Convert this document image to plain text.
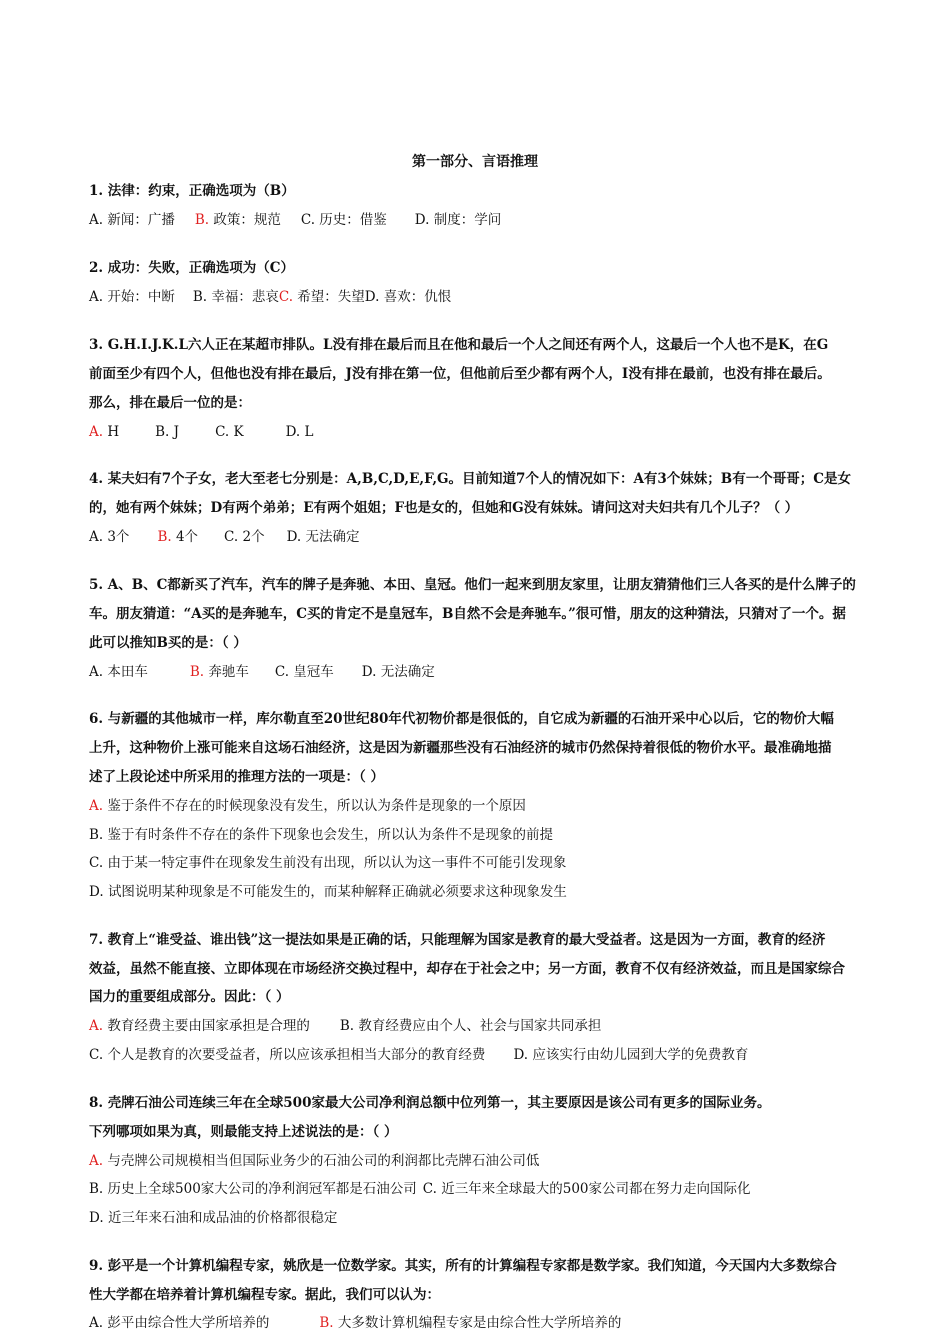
第一部分、言语推理
1. 法律：约束，正确选项为（B）
A. 新闻：广播 B. 政策：规范 C. 历史：借鉴 D. 制度：学问
2. 成功：失败，正确选项为（C）
A. 开始：中断 B. 幸福：悲哀C. 希望：失望D. 喜欢：仇恨
3. G.H.I.J.K.L六人正在某超市排队。L没有排在最后而且在他和最后一个人之间还有两个人，这最后一个人也不是K，在G
前面至少有四个人，但他也没有排在最后，J没有排在第一位，但他前后至少都有两个人，I没有排在最前，也没有排在最后。
那么，排在最后一位的是：
A. H	B. J	C. K	D. L
4. 某夫妇有7个子女，老大至老七分别是：A,B,C,D,E,F,G。目前知道7个人的情况如下：A有3个妹妹；B有一个哥哥；C是女
的，她有两个妹妹；D有两个弟弟；E有两个姐姐；F也是女的，但她和G没有妹妹。请问这对夫妇共有几个儿子？（ ）
A. 3个 B. 4个 C. 2个 D. 无法确定
5. A、B、C都新买了汽车，汽车的牌子是奔驰、本田、皇冠。他们一起来到朋友家里，让朋友猜猜他们三人各买的是什么牌子的
车。朋友猜道：“A买的是奔驰车，C买的肯定不是皇冠车，B自然不会是奔驰车。”很可惜，朋友的这种猜法，只猜对了一个。据
此可以推知B买的是：（ ）
A. 本田车	B. 奔驰车 C. 皇冠车 D. 无法确定
6. 与新疆的其他城市一样，库尔勒直至20世纪80年代初物价都是很低的，自它成为新疆的石油开采中心以后，它的物价大幅
上升，这种物价上涨可能来自这场石油经济，这是因为新疆那些没有石油经济的城市仍然保持着很低的物价水平。最准确地描
述了上段论述中所采用的推理方法的一项是：（ ）
A. 鉴于条件不存在的时候现象没有发生，所以认为条件是现象的一个原因
B. 鉴于有时条件不存在的条件下现象也会发生，所以认为条件不是现象的前提
C. 由于某一特定事件在现象发生前没有出现，所以认为这一事件不可能引发现象
D. 试图说明某种现象是不可能发生的，而某种解释正确就必须要求这种现象发生
7. 教育上“谁受益、谁出钱”这一提法如果是正确的话，只能理解为国家是教育的最大受益者。这是因为一方面，教育的经济
效益，虽然不能直接、立即体现在市场经济交换过程中，却存在于社会之中；另一方面，教育不仅有经济效益，而且是国家综合
国力的重要组成部分。因此：（ ）
A. 教育经费主要由国家承担是合理的 B. 教育经费应由个人、社会与国家共同承担
C. 个人是教育的次要受益者，所以应该承担相当大部分的教育经费 D. 应该实行由幼儿园到大学的免费教育
8. 壳牌石油公司连续三年在全球500家最大公司净利润总额中位列第一，其主要原因是该公司有更多的国际业务。
下列哪项如果为真，则最能支持上述说法的是：（ ）
A. 与壳牌公司规模相当但国际业务少的石油公司的利润都比壳牌石油公司低
B. 历史上全球500家大公司的净利润冠军都是石油公司 C. 近三年来全球最大的500家公司都在努力走向国际化
D. 近三年来石油和成品油的价格都很稳定
9. 彭平是一个计算机编程专家，姚欣是一位数学家。其实，所有的计算编程专家都是数学家。我们知道，今天国内大多数综合
性大学都在培养着计算机编程专家。据此，我们可以认为：
A. 彭平由综合性大学所培养的	B. 大多数计算机编程专家是由综合性大学所培养的
